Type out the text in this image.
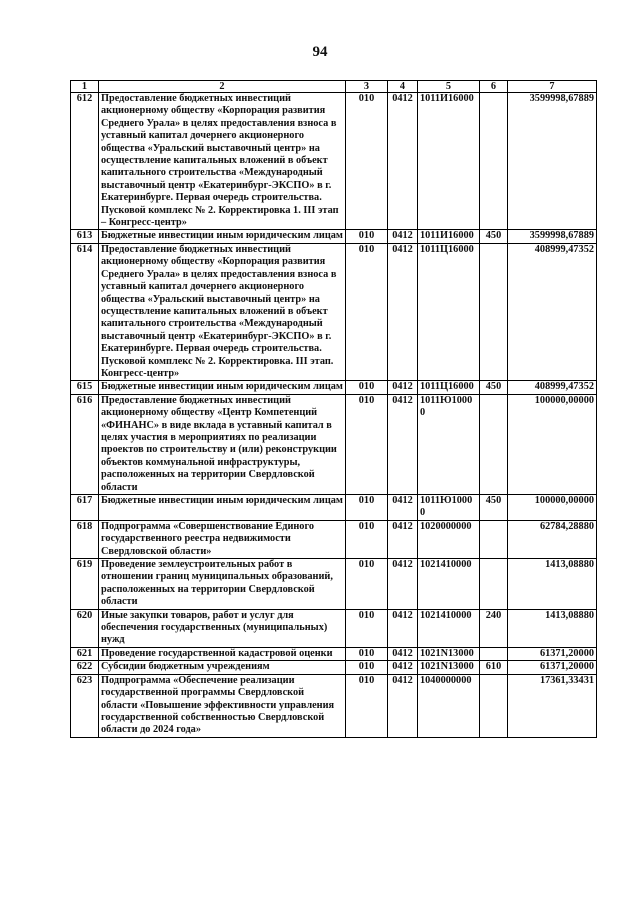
94
1	2	3	4	5	6	7
612	Предоставление бюджетных инвестиций акционерному обществу «Корпорация развития Среднего Урала» в целях предоставления взноса в уставный капитал дочернего акционерного общества «Уральский выставочный центр» на осуществление капитальных вложений в объект капитального строительства «Международный выставочный центр «Екатеринбург-ЭКСПО» в г. Екатеринбурге. Первая очередь строительства. Пусковой комплекс № 2. Корректировка 1. III этап – Конгресс-центр»	010	0412	1011И16000		3599998,67889
613	Бюджетные инвестиции иным юридическим лицам	010	0412	1011И16000	450	3599998,67889
614	Предоставление бюджетных инвестиций акционерному обществу «Корпорация развития Среднего Урала» в целях предоставления взноса в уставный капитал дочернего акционерного общества «Уральский выставочный центр» на осуществление капитальных вложений в объект капитального строительства «Международный выставочный центр «Екатеринбург-ЭКСПО» в г. Екатеринбурге. Первая очередь строительства. Пусковой комплекс № 2. Корректировка. III этап. Конгресс-центр»	010	0412	1011Ц16000		408999,47352
615	Бюджетные инвестиции иным юридическим лицам	010	0412	1011Ц16000	450	408999,47352
616	Предоставление бюджетных инвестиций акционерному обществу «Центр Компетенций «ФИНАНС» в виде вклада в уставный капитал в целях участия в мероприятиях по реализации проектов по строительству и (или) реконструкции объектов коммунальной инфраструктуры, расположенных на территории Свердловской области	010	0412	1011Ю10000		100000,00000
617	Бюджетные инвестиции иным юридическим лицам	010	0412	1011Ю10000	450	100000,00000
618	Подпрограмма «Совершенствование Единого государственного реестра недвижимости Свердловской области»	010	0412	1020000000		62784,28880
619	Проведение землеустроительных работ в отношении границ муниципальных образований, расположенных на территории Свердловской области	010	0412	1021410000		1413,08880
620	Иные закупки товаров, работ и услуг для обеспечения государственных (муниципальных) нужд	010	0412	1021410000	240	1413,08880
621	Проведение государственной кадастровой оценки	010	0412	1021N13000		61371,20000
622	Субсидии бюджетным учреждениям	010	0412	1021N13000	610	61371,20000
623	Подпрограмма «Обеспечение реализации государственной программы Свердловской области «Повышение эффективности управления государственной собственностью Свердловской области до 2024 года»	010	0412	1040000000		17361,33431
